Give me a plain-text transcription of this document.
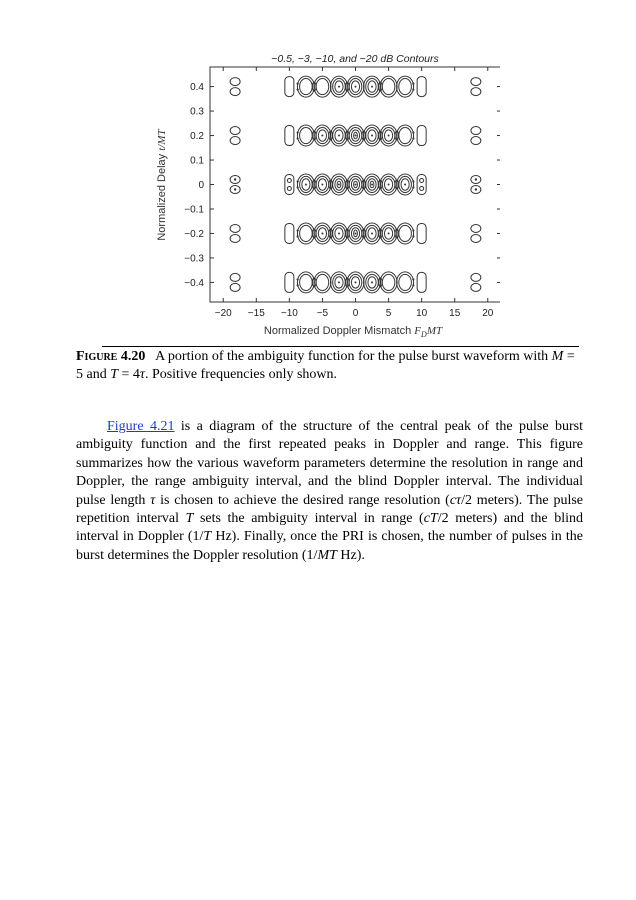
−0.5, −3, −10, and −20 dB Contours
−20 −15 −10 −5 0	5 10 15 20
0.4
0.3
0.2
0.1
0
−0.1
−0.2
−0.3
−0.4
Normalized Doppler Mismatch $F_DMT$
Normalized Delay t/MT
Figure 4.20 A portion of the ambiguity function for the pulse burst waveform with M = 5 and T = 4τ. Positive frequencies only shown.

Figure 4.21 is a diagram of the structure of the central peak of the pulse burst ambiguity function and the first repeated peaks in Doppler and range. This figure summarizes how the various waveform parameters determine the resolution in range and Doppler, the range ambiguity interval, and the blind Doppler interval. The individual pulse length τ is chosen to achieve the desired range resolution (cτ/2 meters). The pulse repetition interval T sets the ambiguity interval in range (cT/2 meters) and the blind interval in Doppler (1/T Hz). Finally, once the PRI is chosen, the number of pulses in the burst determines the Doppler resolution (1/MT Hz).
